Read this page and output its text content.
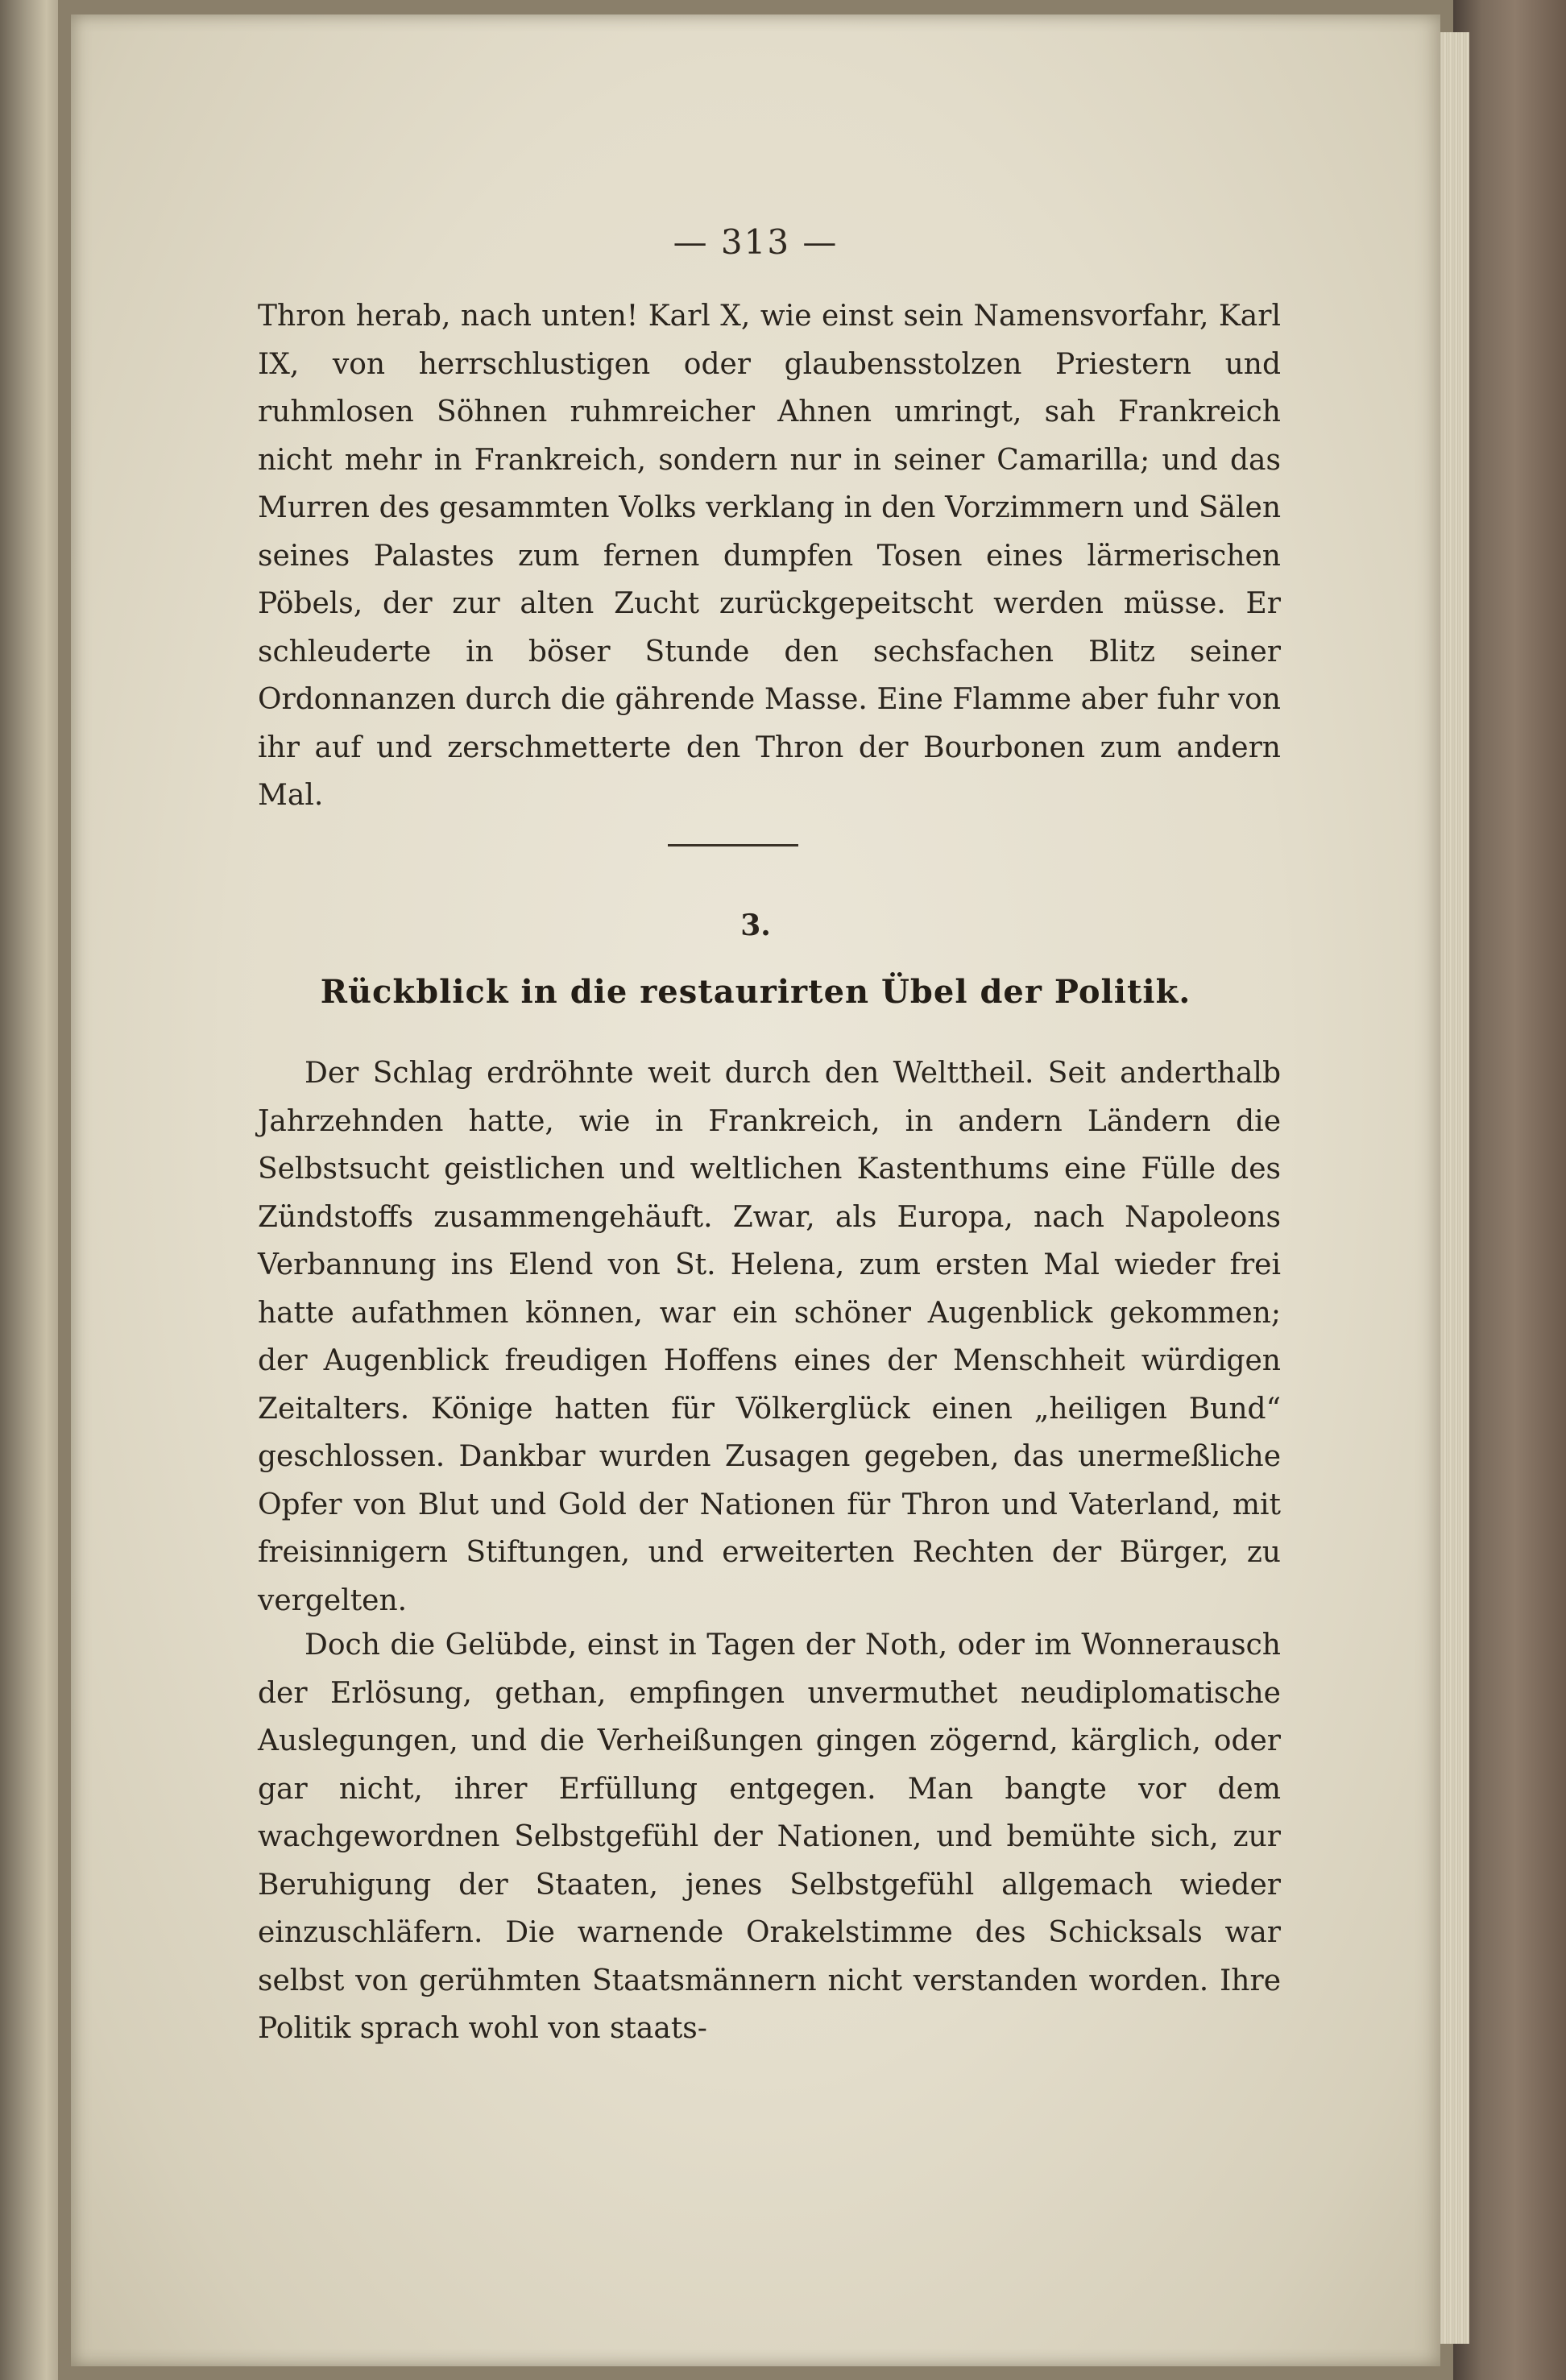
— 313 —

Thron herab, nach unten! Karl X, wie einst sein Namensvorfahr, Karl IX, von herrschlustigen oder glaubensstolzen Priestern und ruhmlosen Söhnen ruhmreicher Ahnen umringt, sah Frankreich nicht mehr in Frankreich, sondern nur in seiner Camarilla; und das Murren des gesammten Volks verklang in den Vorzimmern und Sälen seines Palastes zum fernen dumpfen Tosen eines lärmerischen Pöbels, der zur alten Zucht zurückgepeitscht werden müsse. Er schleuderte in böser Stunde den sechsfachen Blitz seiner Ordonnanzen durch die gährende Masse. Eine Flamme aber fuhr von ihr auf und zerschmetterte den Thron der Bourbonen zum andern Mal.

3.
Rückblick in die restaurirten Übel der Politik.

Der Schlag erdröhnte weit durch den Welttheil. Seit anderthalb Jahrzehnden hatte, wie in Frankreich, in andern Ländern die Selbstsucht geistlichen und weltlichen Kastenthums eine Fülle des Zündstoffs zusammengehäuft. Zwar, als Europa, nach Napoleons Verbannung ins Elend von St. Helena, zum ersten Mal wieder frei hatte aufathmen können, war ein schöner Augenblick gekommen; der Augenblick freudigen Hoffens eines der Menschheit würdigen Zeitalters. Könige hatten für Völkerglück einen „heiligen Bund“ geschlossen. Dankbar wurden Zusagen gegeben, das unermeßliche Opfer von Blut und Gold der Nationen für Thron und Vaterland, mit freisinnigern Stiftungen, und erweiterten Rechten der Bürger, zu vergelten.

Doch die Gelübde, einst in Tagen der Noth, oder im Wonnerausch der Erlösung, gethan, empfingen unvermuthet neudiplomatische Auslegungen, und die Verheißungen gingen zögernd, kärglich, oder gar nicht, ihrer Erfüllung entgegen. Man bangte vor dem wachgewordnen Selbstgefühl der Nationen, und bemühte sich, zur Beruhigung der Staaten, jenes Selbstgefühl allgemach wieder einzuschläfern. Die warnende Orakelstimme des Schicksals war selbst von gerühmten Staatsmännern nicht verstanden worden. Ihre Politik sprach wohl von staats-
